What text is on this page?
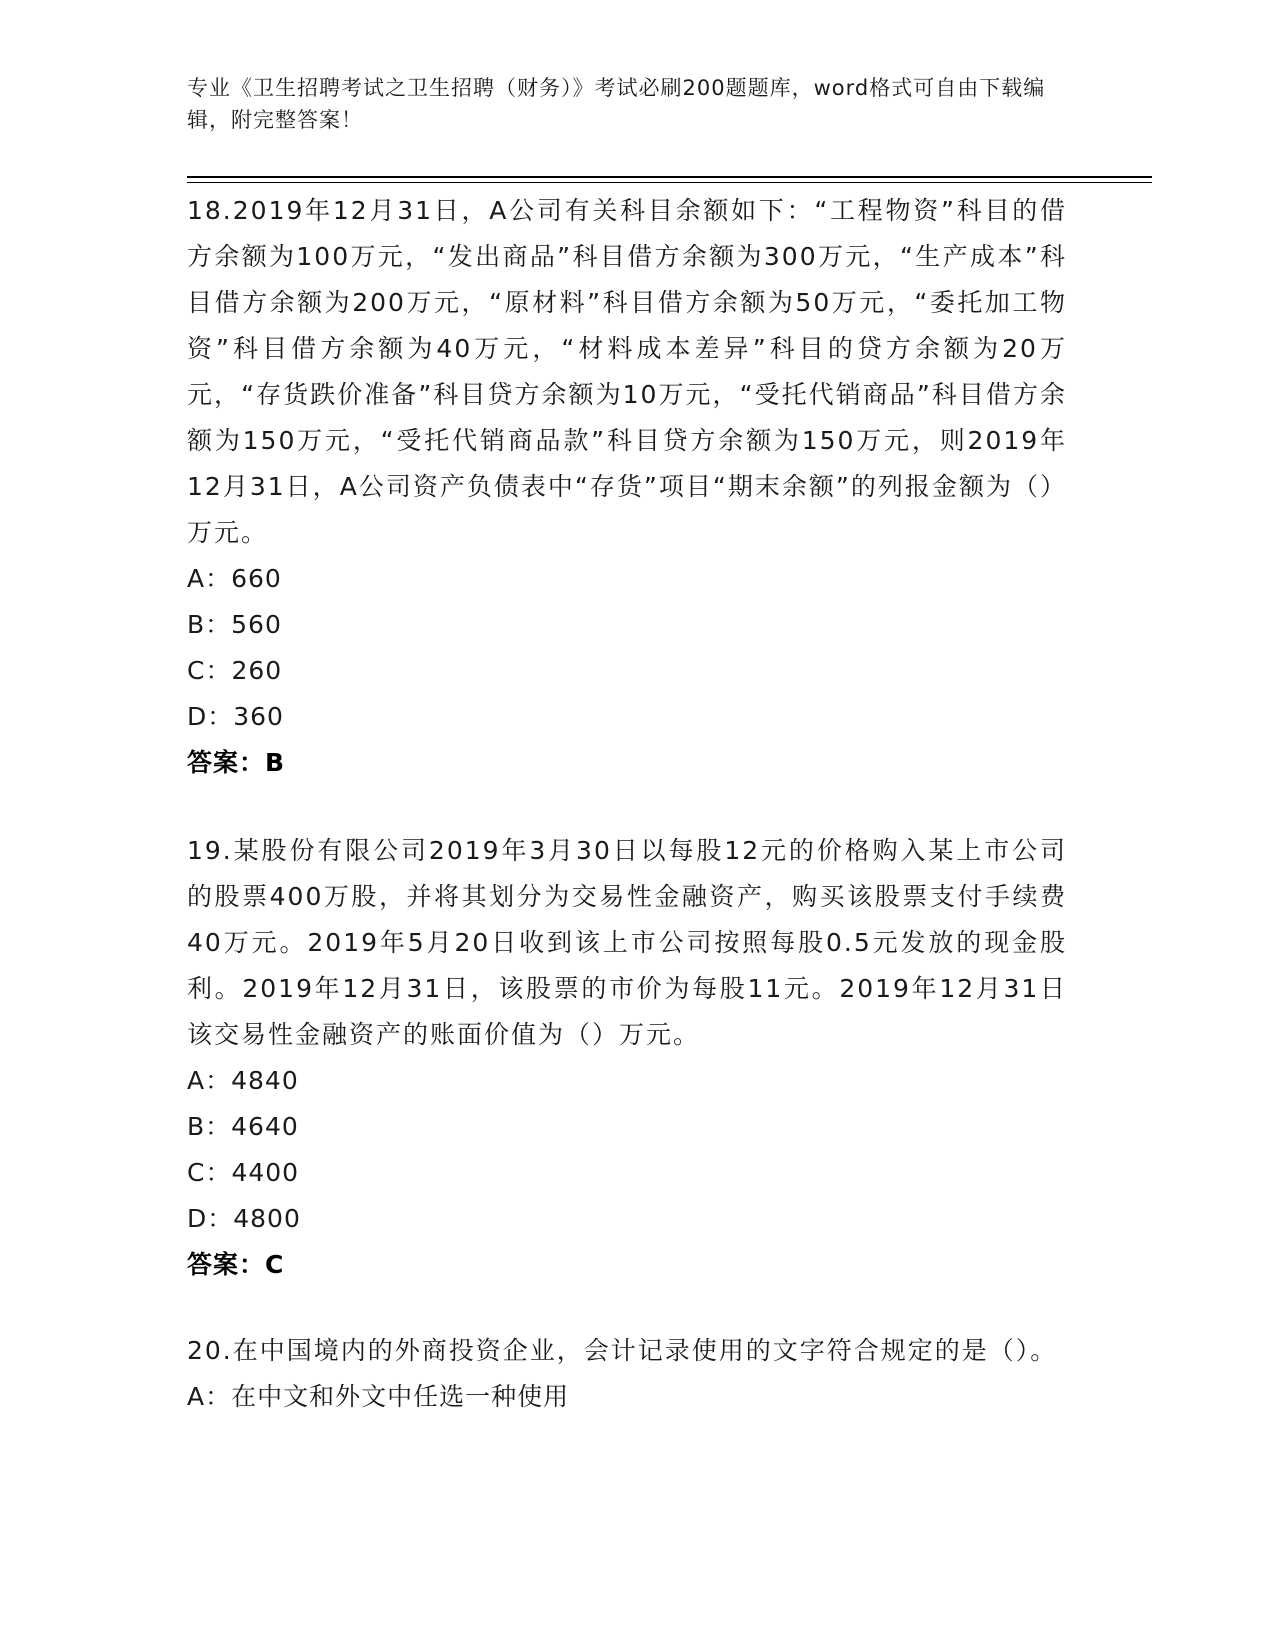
专业《卫生招聘考试之卫生招聘（财务）》考试必刷200题题库，word格式可自由下载编辑，附完整答案！

18.2019年12月31日，A公司有关科目余额如下：“工程物资”科目的借方余额为100万元，“发出商品”科目借方余额为300万元，“生产成本”科目借方余额为200万元，“原材料”科目借方余额为50万元，“委托加工物资”科目借方余额为40万元，“材料成本差异”科目的贷方余额为20万元，“存货跌价准备”科目贷方余额为10万元，“受托代销商品”科目借方余额为150万元，“受托代销商品款”科目贷方余额为150万元，则2019年12月31日，A公司资产负债表中“存货”项目“期末余额”的列报金额为（）万元。

A：660

B：560

C：260

D：360

答案：B

19.某股份有限公司2019年3月30日以每股12元的价格购入某上市公司的股票400万股，并将其划分为交易性金融资产，购买该股票支付手续费40万元。2019年5月20日收到该上市公司按照每股0.5元发放的现金股利。2019年12月31日，该股票的市价为每股11元。2019年12月31日该交易性金融资产的账面价值为（）万元。

A：4840

B：4640

C：4400

D：4800

答案：C

20.在中国境内的外商投资企业，会计记录使用的文字符合规定的是（）。

A：在中文和外文中任选一种使用
